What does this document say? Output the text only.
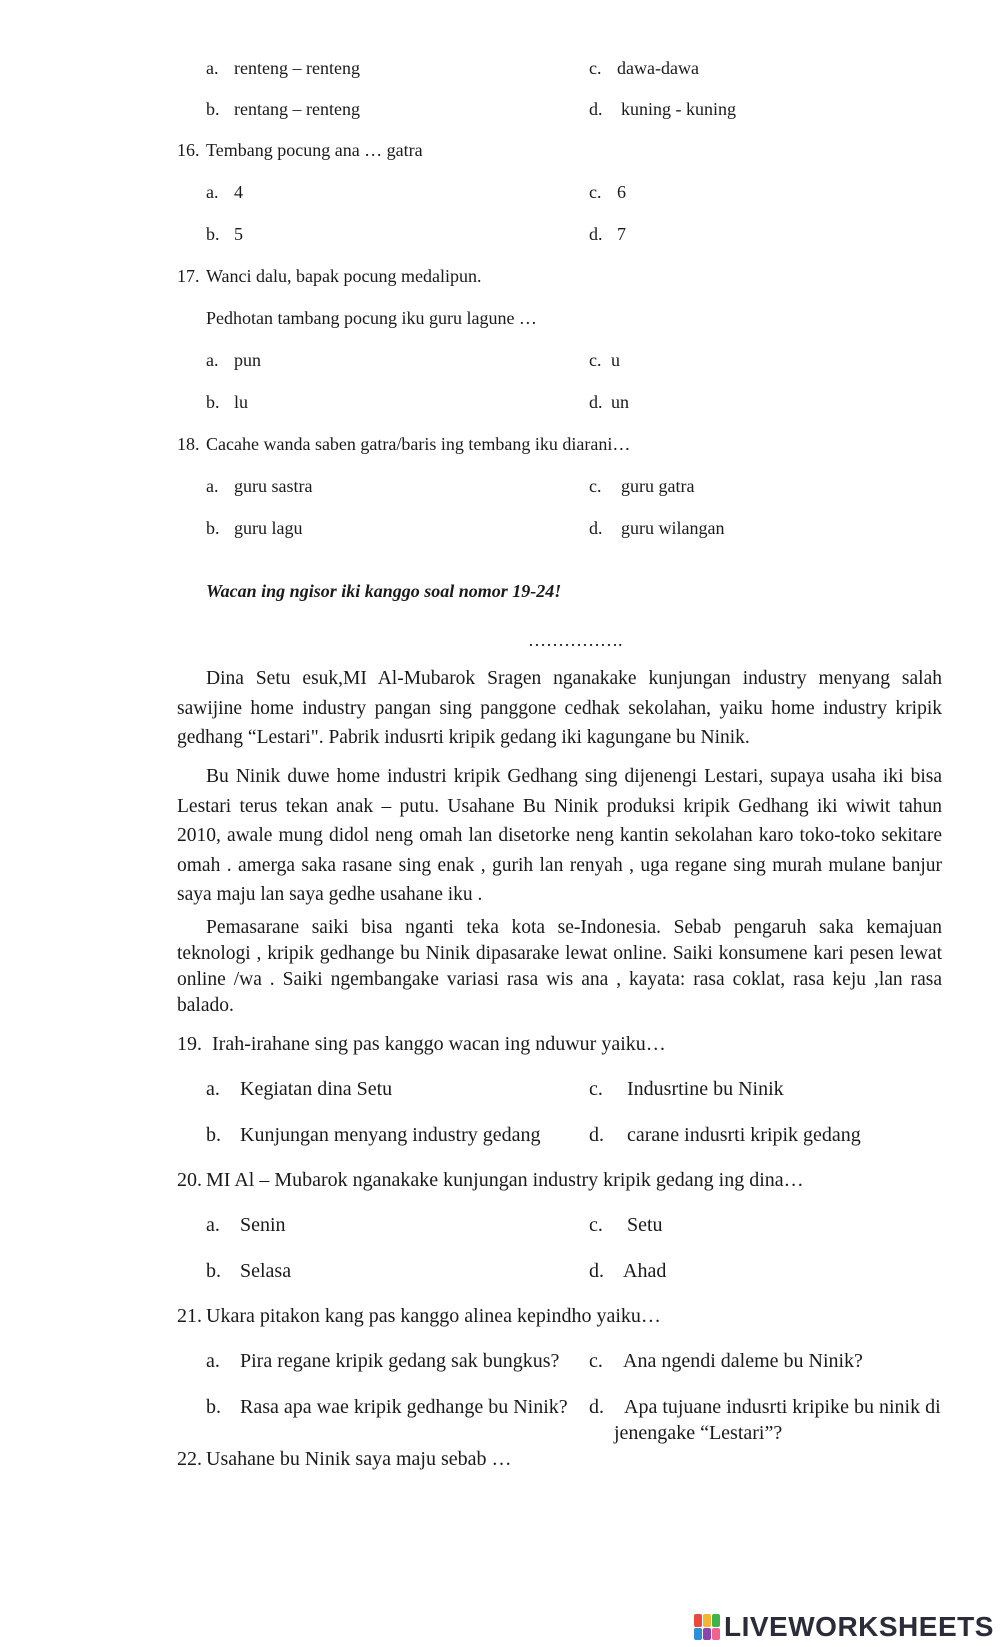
a. renteng – renteng
b. rentang – renteng
c. dawa-dawa
d. kuning - kuning
16. Tembang pocung ana … gatra
a. 4
b. 5
c. 6
d. 7
17. Wanci dalu, bapak pocung medalipun.
Pedhotan tambang pocung iku guru lagune …
a. pun
b. lu
c. u
d. un
18. Cacahe wanda saben gatra/baris ing tembang iku diarani…
a. guru sastra
b. guru lagu
c. guru gatra
d. guru wilangan
Wacan ing ngisor iki kanggo soal nomor 19-24!
…………….
Dina Setu esuk,MI Al-Mubarok Sragen nganakake kunjungan industry menyang salah sawijine home industry pangan sing panggone cedhak sekolahan, yaiku home industry kripik gedhang “Lestari". Pabrik indusrti kripik gedang iki kagungane bu Ninik.
Bu Ninik duwe home industri kripik Gedhang sing dijenengi Lestari, supaya usaha iki bisa Lestari terus tekan anak – putu. Usahane Bu Ninik produksi kripik Gedhang iki wiwit tahun 2010, awale mung didol neng omah lan disetorke neng kantin sekolahan karo toko-toko sekitare omah . amerga saka rasane sing enak , gurih lan renyah , uga regane sing murah mulane banjur saya maju lan saya gedhe usahane iku .
Pemasarane saiki bisa nganti teka kota se-Indonesia. Sebab pengaruh saka kemajuan teknologi , kripik gedhange bu Ninik dipasarake lewat online. Saiki konsumene kari pesen lewat online /wa . Saiki ngembangake variasi rasa wis ana , kayata: rasa coklat, rasa keju ,lan rasa balado.
19. Irah-irahane sing pas kanggo wacan ing nduwur yaiku…
a. Kegiatan dina Setu
b. Kunjungan menyang industry gedang
c. Indusrtine bu Ninik
d. carane indusrti kripik gedang
20. MI Al – Mubarok nganakake kunjungan industry kripik gedang ing dina…
a. Senin
b. Selasa
c. Setu
d. Ahad
21. Ukara pitakon kang pas kanggo alinea kepindho yaiku…
a. Pira regane kripik gedang sak bungkus?
b. Rasa apa wae kripik gedhange bu Ninik?
c. Ana ngendi daleme bu Ninik?
d. Apa tujuane indusrti kripike bu ninik di
jenengake “Lestari”?
22. Usahane bu Ninik saya maju sebab …
LIVEWORKSHEETS
